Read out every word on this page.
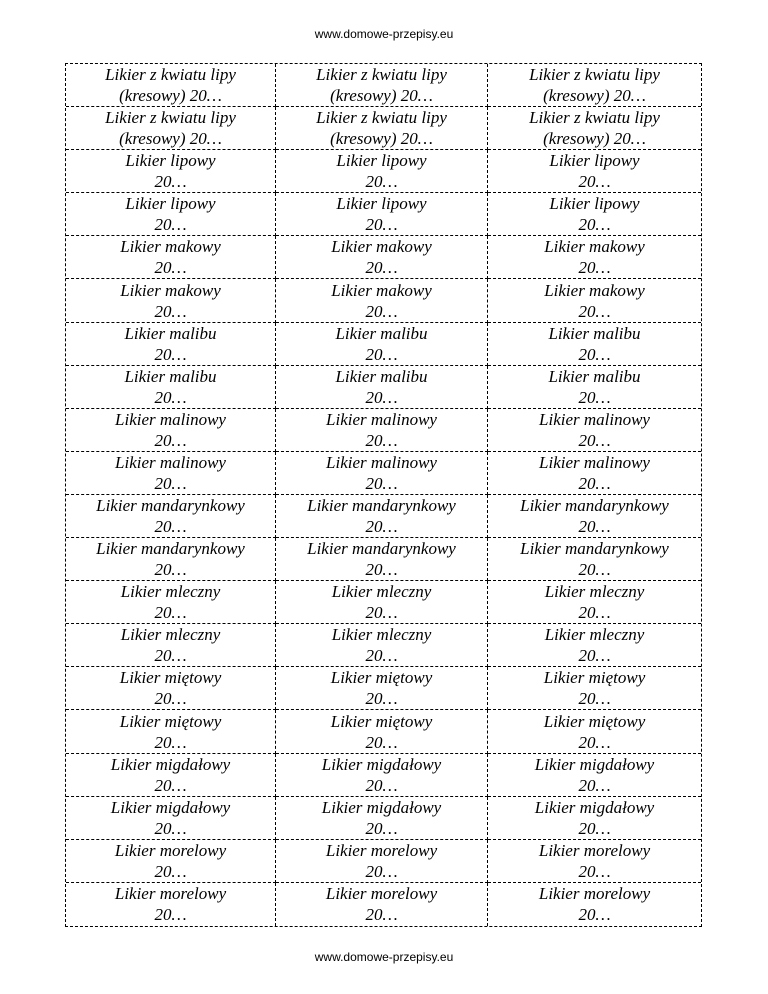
www.domowe-przepisy.eu
Likier z kwiatu lipy
(kresowy) 20…
Likier z kwiatu lipy
(kresowy) 20…
Likier z kwiatu lipy
(kresowy) 20…
Likier z kwiatu lipy
(kresowy) 20…
Likier z kwiatu lipy
(kresowy) 20…
Likier z kwiatu lipy
(kresowy) 20…
Likier lipowy
20…
Likier lipowy
20…
Likier lipowy
20…
Likier lipowy
20…
Likier lipowy
20…
Likier lipowy
20…
Likier makowy
20…
Likier makowy
20…
Likier makowy
20…
Likier makowy
20…
Likier makowy
20…
Likier makowy
20…
Likier malibu
20…
Likier malibu
20…
Likier malibu
20…
Likier malibu
20…
Likier malibu
20…
Likier malibu
20…
Likier malinowy
20…
Likier malinowy
20…
Likier malinowy
20…
Likier malinowy
20…
Likier malinowy
20…
Likier malinowy
20…
Likier mandarynkowy
20…
Likier mandarynkowy
20…
Likier mandarynkowy
20…
Likier mandarynkowy
20…
Likier mandarynkowy
20…
Likier mandarynkowy
20…
Likier mleczny
20…
Likier mleczny
20…
Likier mleczny
20…
Likier mleczny
20…
Likier mleczny
20…
Likier mleczny
20…
Likier miętowy
20…
Likier miętowy
20…
Likier miętowy
20…
Likier miętowy
20…
Likier miętowy
20…
Likier miętowy
20…
Likier migdałowy
20…
Likier migdałowy
20…
Likier migdałowy
20…
Likier migdałowy
20…
Likier migdałowy
20…
Likier migdałowy
20…
Likier morelowy
20…
Likier morelowy
20…
Likier morelowy
20…
Likier morelowy
20…
Likier morelowy
20…
Likier morelowy
20…
www.domowe-przepisy.eu
